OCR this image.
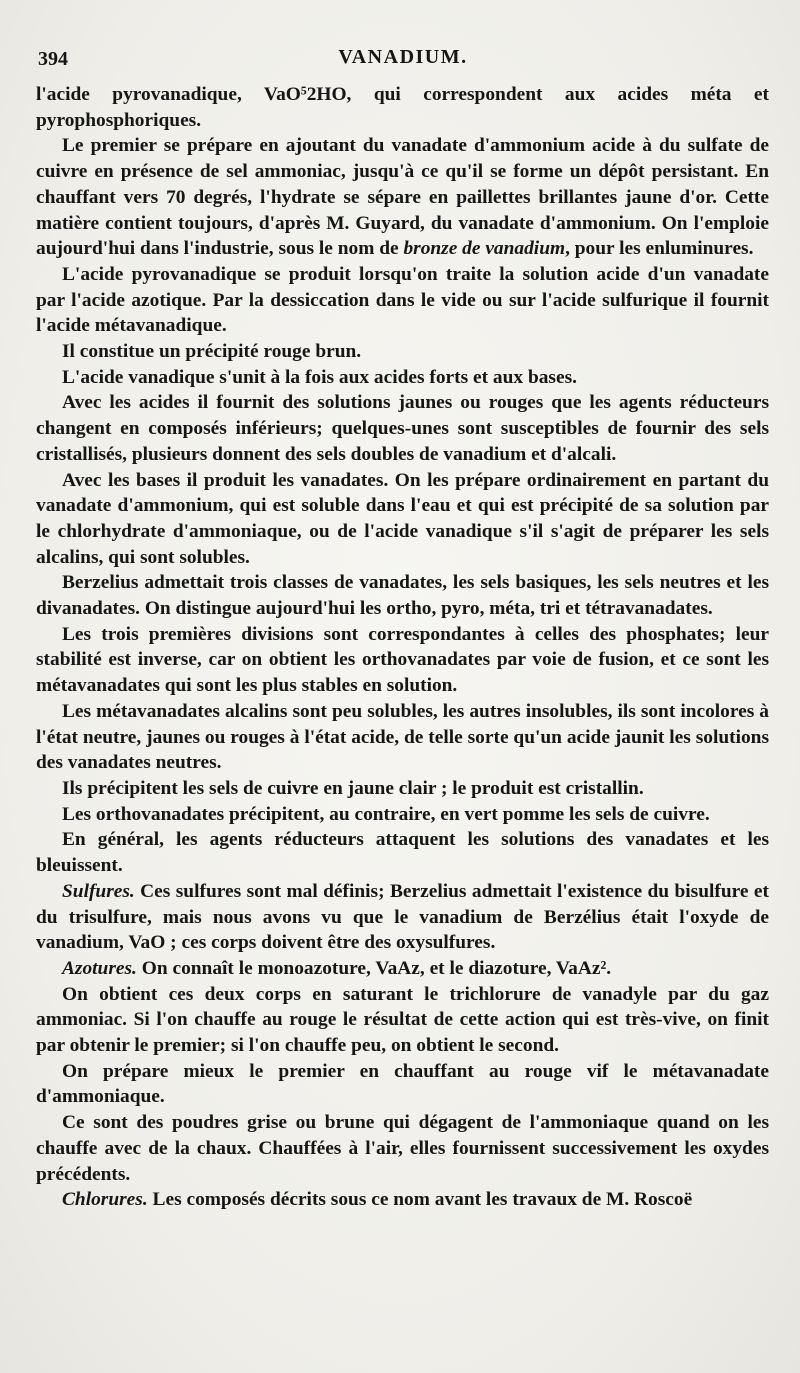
394	VANADIUM.

l'acide pyrovanadique, VaO⁵2HO, qui correspondent aux acides méta et pyrophosphoriques.

Le premier se prépare en ajoutant du vanadate d'ammonium acide à du sulfate de cuivre en présence de sel ammoniac, jusqu'à ce qu'il se forme un dépôt persistant. En chauffant vers 70 degrés, l'hydrate se sépare en paillettes brillantes jaune d'or. Cette matière contient toujours, d'après M. Guyard, du vanadate d'ammonium. On l'emploie aujourd'hui dans l'industrie, sous le nom de bronze de vanadium, pour les enluminures.

L'acide pyrovanadique se produit lorsqu'on traite la solution acide d'un vanadate par l'acide azotique. Par la dessiccation dans le vide ou sur l'acide sulfurique il fournit l'acide métavanadique.

Il constitue un précipité rouge brun.

L'acide vanadique s'unit à la fois aux acides forts et aux bases.

Avec les acides il fournit des solutions jaunes ou rouges que les agents réducteurs changent en composés inférieurs; quelques-unes sont susceptibles de fournir des sels cristallisés, plusieurs donnent des sels doubles de vanadium et d'alcali.

Avec les bases il produit les vanadates. On les prépare ordinairement en partant du vanadate d'ammonium, qui est soluble dans l'eau et qui est précipité de sa solution par le chlorhydrate d'ammoniaque, ou de l'acide vanadique s'il s'agit de préparer les sels alcalins, qui sont solubles.

Berzelius admettait trois classes de vanadates, les sels basiques, les sels neutres et les divanadates. On distingue aujourd'hui les ortho, pyro, méta, tri et tétravanadates.

Les trois premières divisions sont correspondantes à celles des phosphates; leur stabilité est inverse, car on obtient les orthovanadates par voie de fusion, et ce sont les métavanadates qui sont les plus stables en solution.

Les métavanadates alcalins sont peu solubles, les autres insolubles, ils sont incolores à l'état neutre, jaunes ou rouges à l'état acide, de telle sorte qu'un acide jaunit les solutions des vanadates neutres.

Ils précipitent les sels de cuivre en jaune clair ; le produit est cristallin.

Les orthovanadates précipitent, au contraire, en vert pomme les sels de cuivre.

En général, les agents réducteurs attaquent les solutions des vanadates et les bleuissent.

Sulfures. Ces sulfures sont mal définis; Berzelius admettait l'existence du bisulfure et du trisulfure, mais nous avons vu que le vanadium de Berzélius était l'oxyde de vanadium, VaO ; ces corps doivent être des oxysulfures.

Azotures. On connaît le monoazoture, VaAz, et le diazoture, VaAz².

On obtient ces deux corps en saturant le trichlorure de vanadyle par du gaz ammoniac. Si l'on chauffe au rouge le résultat de cette action qui est très-vive, on finit par obtenir le premier; si l'on chauffe peu, on obtient le second.

On prépare mieux le premier en chauffant au rouge vif le métavanadate d'ammoniaque.

Ce sont des poudres grise ou brune qui dégagent de l'ammoniaque quand on les chauffe avec de la chaux. Chauffées à l'air, elles fournissent successivement les oxydes précédents.

Chlorures. Les composés décrits sous ce nom avant les travaux de M. Roscoë
